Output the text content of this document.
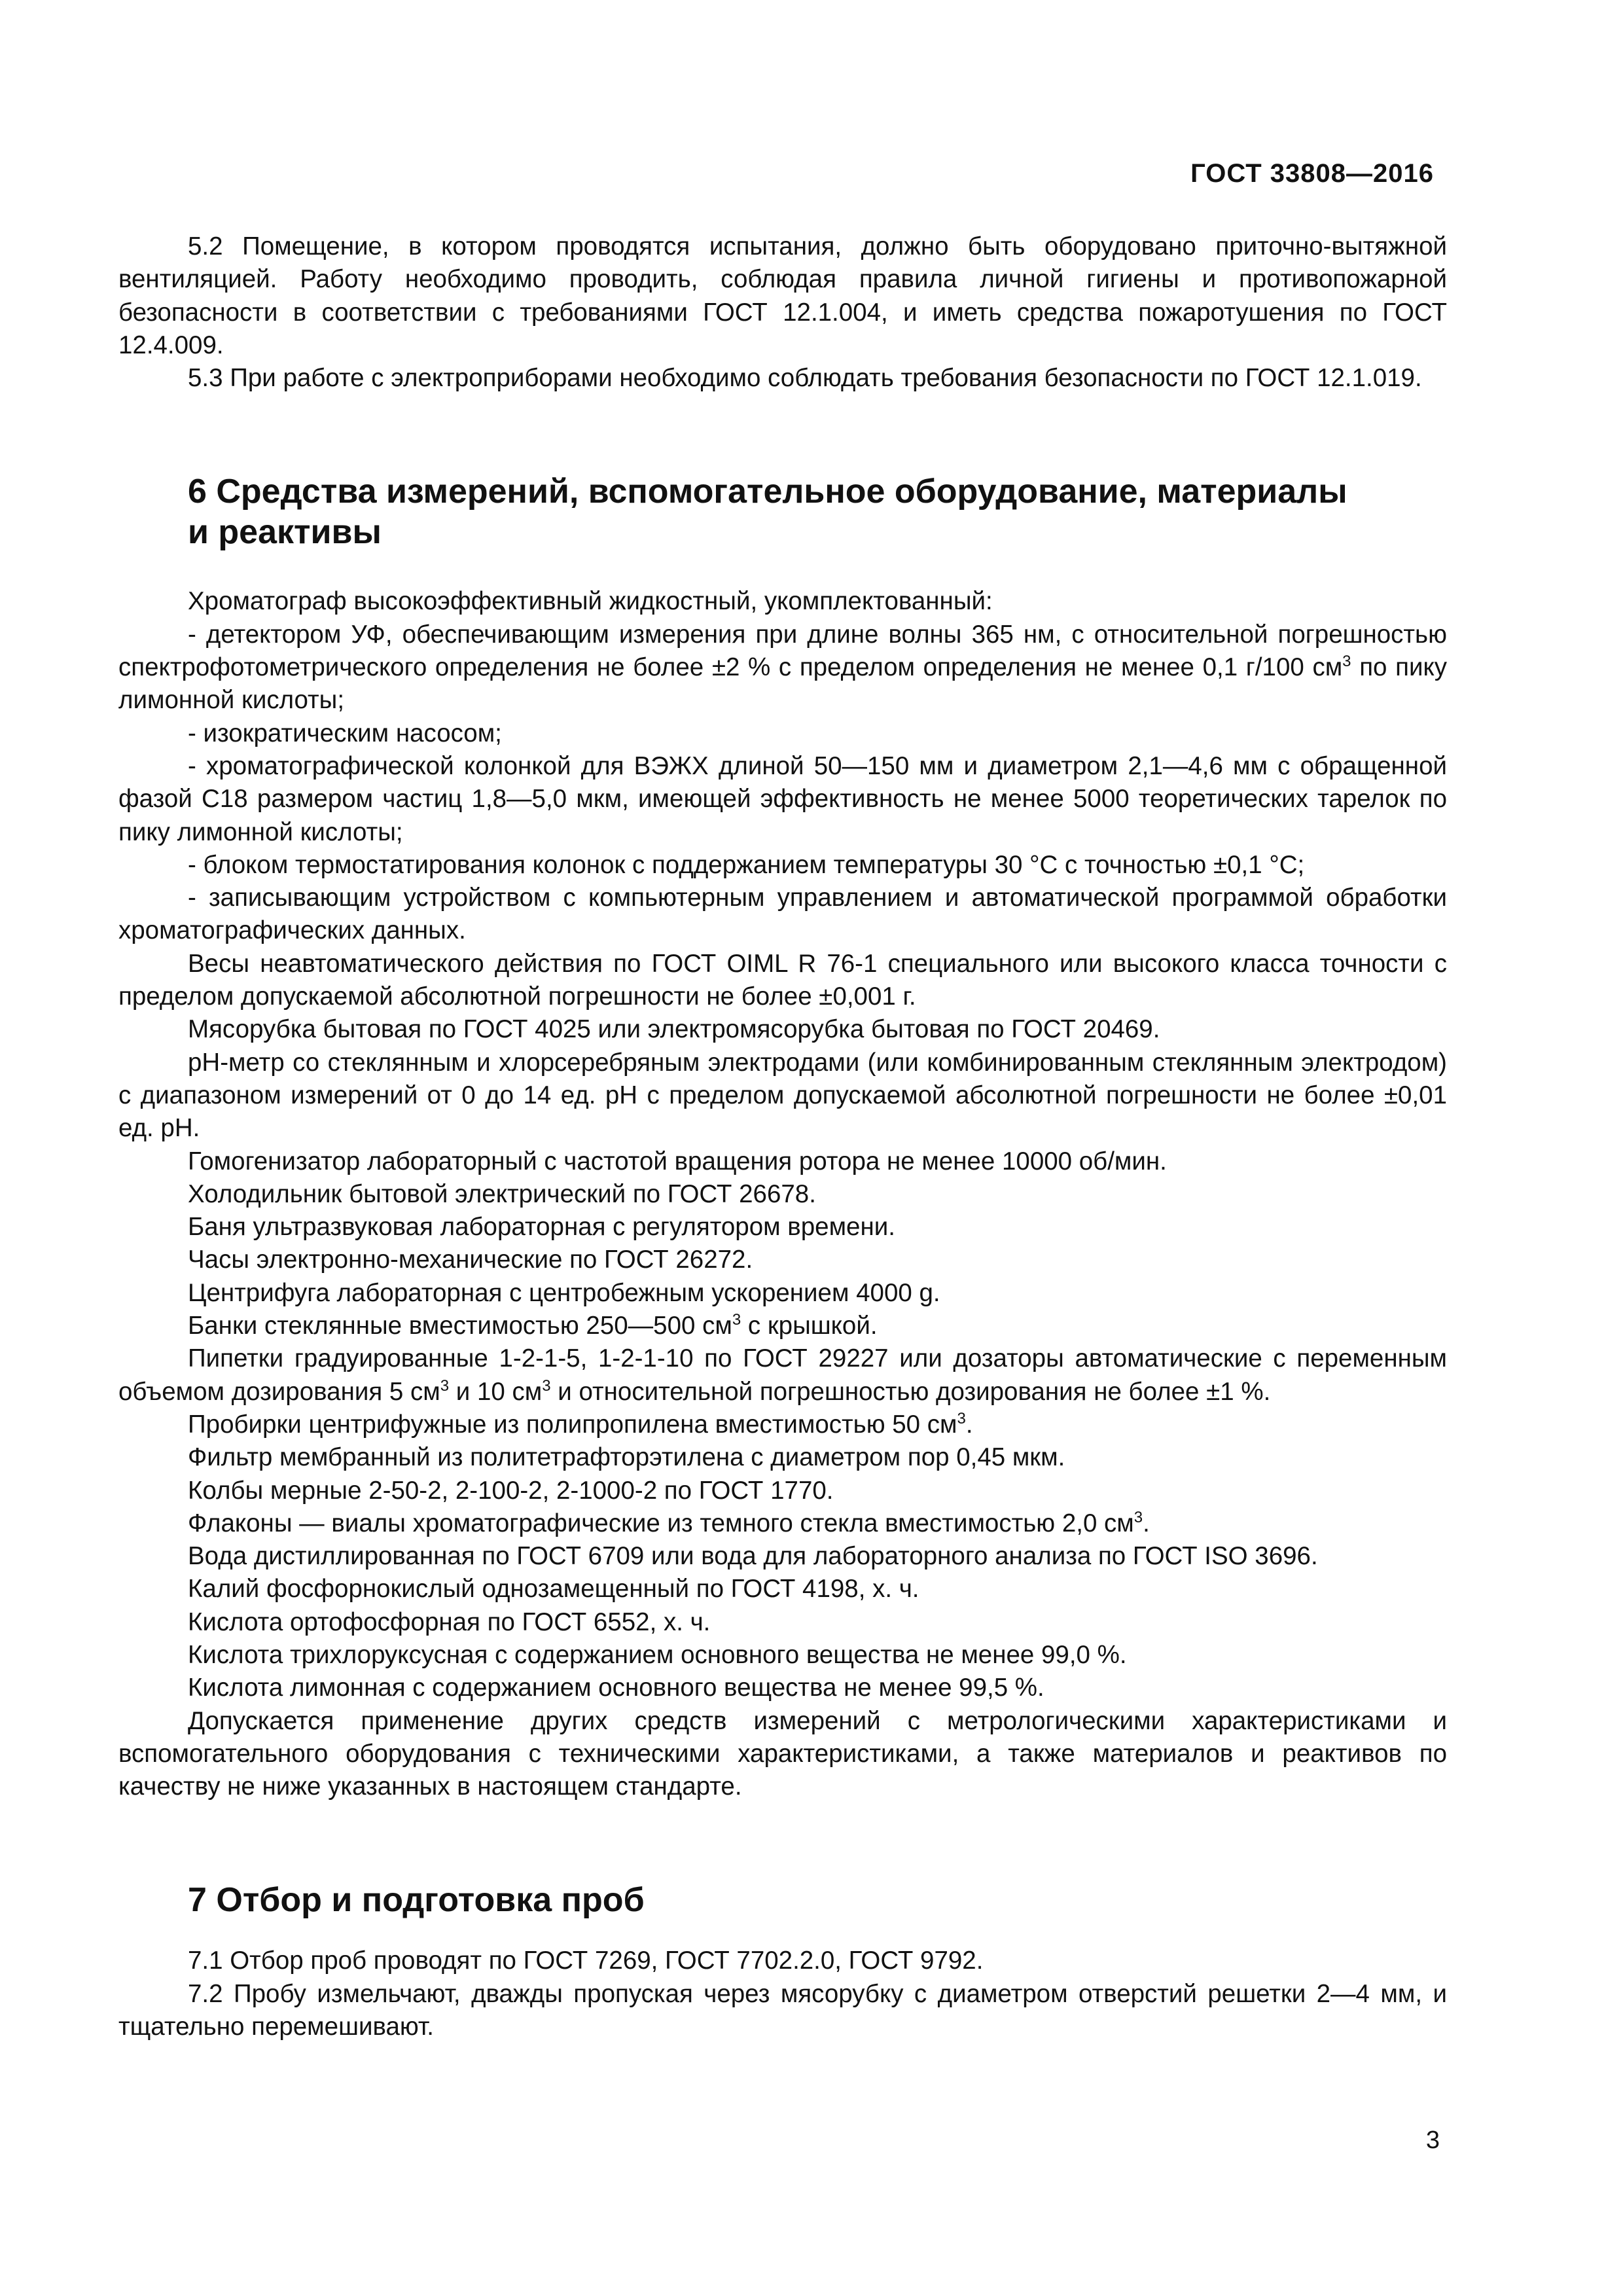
ГОСТ 33808—2016

5.2 Помещение, в котором проводятся испытания, должно быть оборудовано приточно-вытяжной вентиляцией. Работу необходимо проводить, соблюдая правила личной гигиены и противопожарной безопасности в соответствии с требованиями ГОСТ 12.1.004, и иметь средства пожаротушения по ГОСТ 12.4.009.

5.3 При работе с электроприборами необходимо соблюдать требования безопасности по ГОСТ 12.1.019.

6 Средства измерений, вспомогательное оборудование, материалы
и реактивы

Хроматограф высокоэффективный жидкостный, укомплектованный:

- детектором УФ, обеспечивающим измерения при длине волны 365 нм, с относительной погрешностью спектрофотометрического определения не более ±2 % с пределом определения не менее 0,1 г/100 $см^3$ по пику лимонной кислоты;

- изократическим насосом;

- хроматографической колонкой для ВЭЖХ длиной 50—150 мм и диаметром 2,1—4,6 мм с обращенной фазой С18 размером частиц 1,8—5,0 мкм, имеющей эффективность не менее 5000 теоретических тарелок по пику лимонной кислоты;

- блоком термостатирования колонок с поддержанием температуры 30 °С с точностью ±0,1 °С;

- записывающим устройством с компьютерным управлением и автоматической программой обработки хроматографических данных.

Весы неавтоматического действия по ГОСТ OIML R 76-1 специального или высокого класса точности с пределом допускаемой абсолютной погрешности не более ±0,001 г.

Мясорубка бытовая по ГОСТ 4025 или электромясорубка бытовая по ГОСТ 20469.

pH-метр со стеклянным и хлорсеребряным электродами (или комбинированным стеклянным электродом) с диапазоном измерений от 0 до 14 ед. pH с пределом допускаемой абсолютной погрешности не более ±0,01 ед. pH.

Гомогенизатор лабораторный с частотой вращения ротора не менее 10000 об/мин.

Холодильник бытовой электрический по ГОСТ 26678.

Баня ультразвуковая лабораторная с регулятором времени.

Часы электронно-механические по ГОСТ 26272.

Центрифуга лабораторная с центробежным ускорением 4000 g.

Банки стеклянные вместимостью 250—500 $см^3$ с крышкой.

Пипетки градуированные 1-2-1-5, 1-2-1-10 по ГОСТ 29227 или дозаторы автоматические с переменным объемом дозирования 5 $см^3$ и 10 $см^3$ и относительной погрешностью дозирования не более ±1 %.

Пробирки центрифужные из полипропилена вместимостью 50 $см^3$.

Фильтр мембранный из политетрафторэтилена с диаметром пор 0,45 мкм.

Колбы мерные 2-50-2, 2-100-2, 2-1000-2 по ГОСТ 1770.

Флаконы — виалы хроматографические из темного стекла вместимостью 2,0 $см^3$.

Вода дистиллированная по ГОСТ 6709 или вода для лабораторного анализа по ГОСТ ISO 3696.

Калий фосфорнокислый однозамещенный по ГОСТ 4198, х. ч.

Кислота ортофосфорная по ГОСТ 6552, х. ч.

Кислота трихлоруксусная с содержанием основного вещества не менее 99,0 %.

Кислота лимонная с содержанием основного вещества не менее 99,5 %.

Допускается применение других средств измерений с метрологическими характеристиками и вспомогательного оборудования с техническими характеристиками, а также материалов и реактивов по качеству не ниже указанных в настоящем стандарте.

7 Отбор и подготовка проб

7.1 Отбор проб проводят по ГОСТ 7269, ГОСТ 7702.2.0, ГОСТ 9792.

7.2 Пробу измельчают, дважды пропуская через мясорубку с диаметром отверстий решетки 2—4 мм, и тщательно перемешивают.

3
